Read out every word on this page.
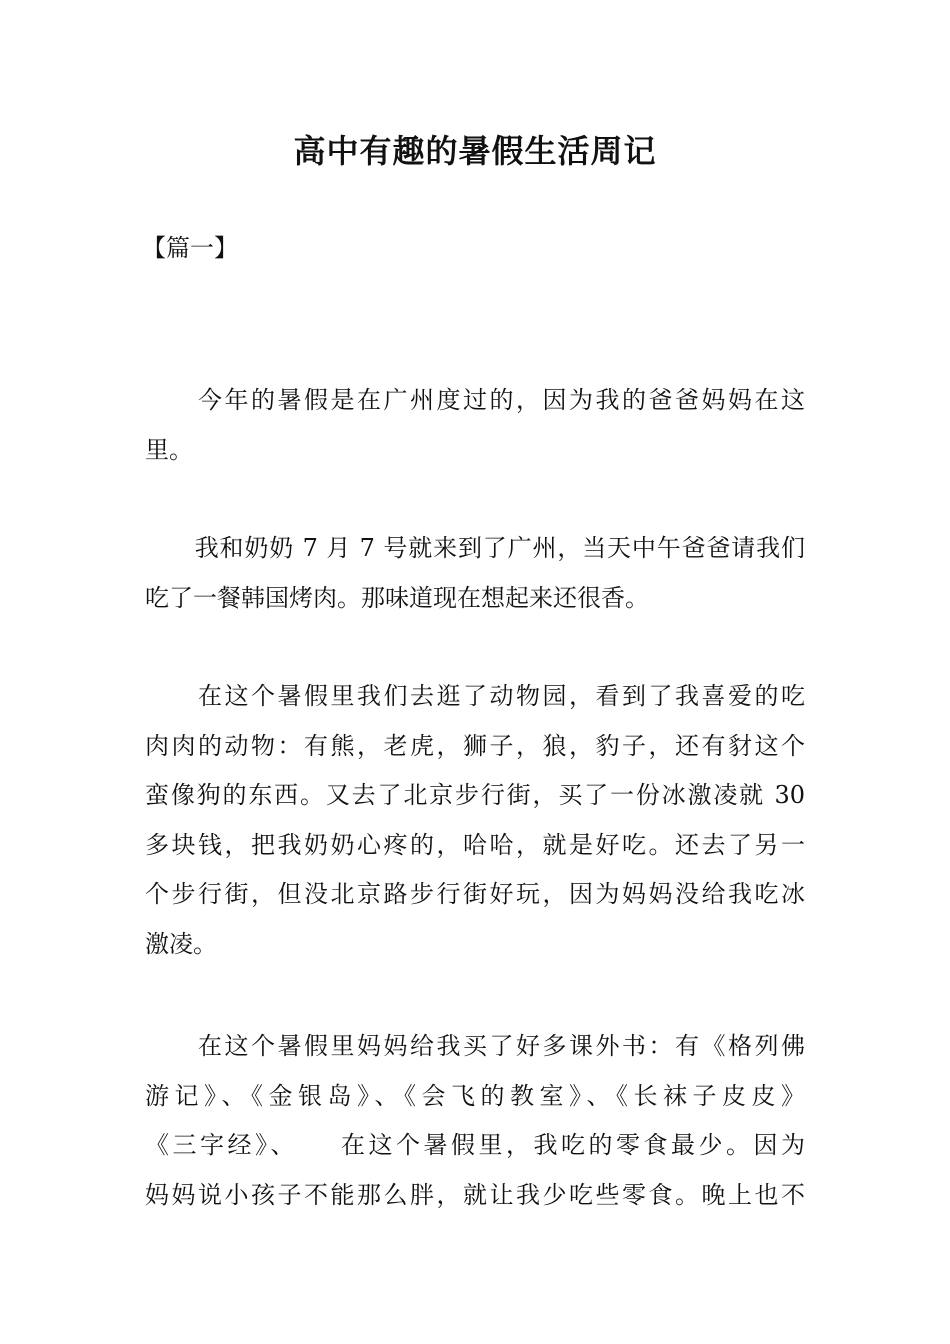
高中有趣的暑假生活周记
【篇一】
　　今年的暑假是在广州度过的，因为我的爸爸妈妈在这
里。
　　我和奶奶 7 月 7 号就来到了广州，当天中午爸爸请我们
吃了一餐韩国烤肉。那味道现在想起来还很香。
　　在这个暑假里我们去逛了动物园，看到了我喜爱的吃
肉肉的动物：有熊，老虎，狮子，狼，豹子，还有豺这个
蛮像狗的东西。又去了北京步行街，买了一份冰激凌就 30
多块钱，把我奶奶心疼的，哈哈，就是好吃。还去了另一
个步行街，但没北京路步行街好玩，因为妈妈没给我吃冰
激凌。
　　在这个暑假里妈妈给我买了好多课外书：有《格列佛
游记》、《金银岛》、《会飞的教室》、《长袜子皮皮》
《三字经》、　　在这个暑假里，我吃的零食最少。因为
妈妈说小孩子不能那么胖，就让我少吃些零食。晚上也不
